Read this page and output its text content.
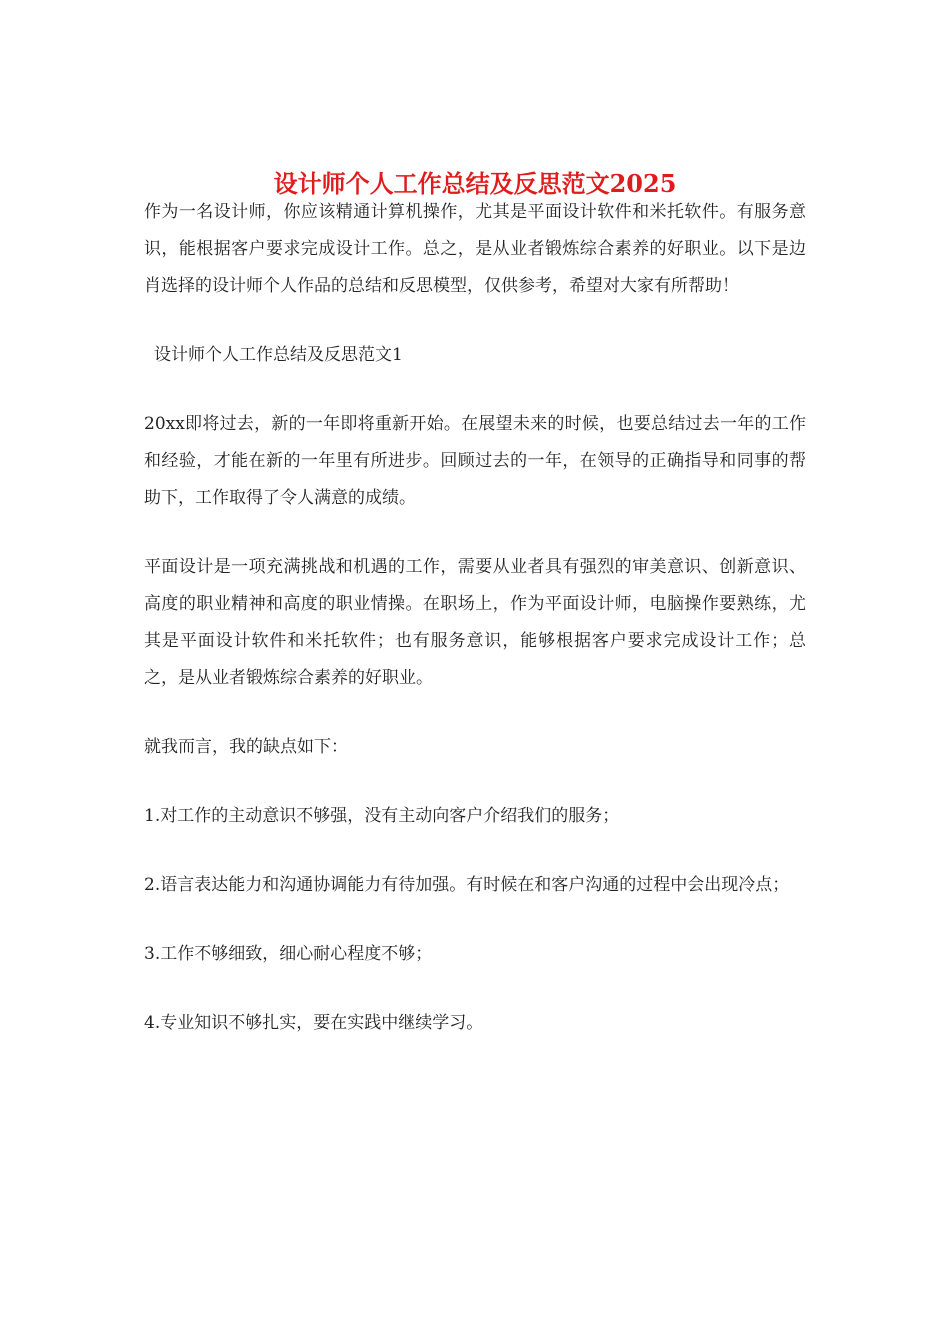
设计师个人工作总结及反思范文2025

作为一名设计师，你应该精通计算机操作，尤其是平面设计软件和米托软件。有服务意识，能根据客户要求完成设计工作。总之，是从业者锻炼综合素养的好职业。以下是边肖选择的设计师个人作品的总结和反思模型，仅供参考，希望对大家有所帮助！

设计师个人工作总结及反思范文1

20xx即将过去，新的一年即将重新开始。在展望未来的时候，也要总结过去一年的工作和经验，才能在新的一年里有所进步。回顾过去的一年，在领导的正确指导和同事的帮助下，工作取得了令人满意的成绩。

平面设计是一项充满挑战和机遇的工作，需要从业者具有强烈的审美意识、创新意识、高度的职业精神和高度的职业情操。在职场上，作为平面设计师，电脑操作要熟练，尤其是平面设计软件和米托软件；也有服务意识，能够根据客户要求完成设计工作；总之，是从业者锻炼综合素养的好职业。

就我而言，我的缺点如下：

1.对工作的主动意识不够强，没有主动向客户介绍我们的服务；

2.语言表达能力和沟通协调能力有待加强。有时候在和客户沟通的过程中会出现冷点；

3.工作不够细致，细心耐心程度不够；

4.专业知识不够扎实，要在实践中继续学习。
